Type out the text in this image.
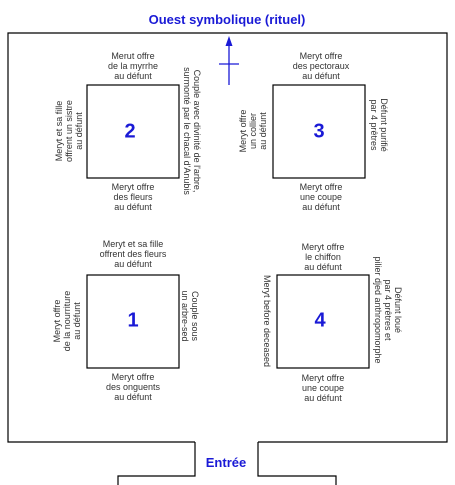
Ouest symbolique (rituel)
Entrée
2	3
1	4
Merut offre
de la myrrhe
au défunt
Meryt offre
des fleurs
au défunt
Meryt et sa fille offrent un sistre au défunt	Couple avec divinité de l'arbre,
surmonté par le chacal d'Anubis
Meryt offre
des pectoraux
au défunt
Meryt offre
une coupe
au défunt
Meryt offre un collier au défunt	Défunt purifié
par 4 prêtres
Meryt et sa fille
offrent des fleurs
au défunt
Meryt offre
des onguents
au défunt
Meryt offre de la nourriture au défunt	Couple sous
un arbre-sed
Meryt offre
le chiffon
au défunt
Meryt offre
une coupe
au défunt
Meryt before deceased	Défunt loué
par 4 prêtres et
pilier djed anthropomorphe
